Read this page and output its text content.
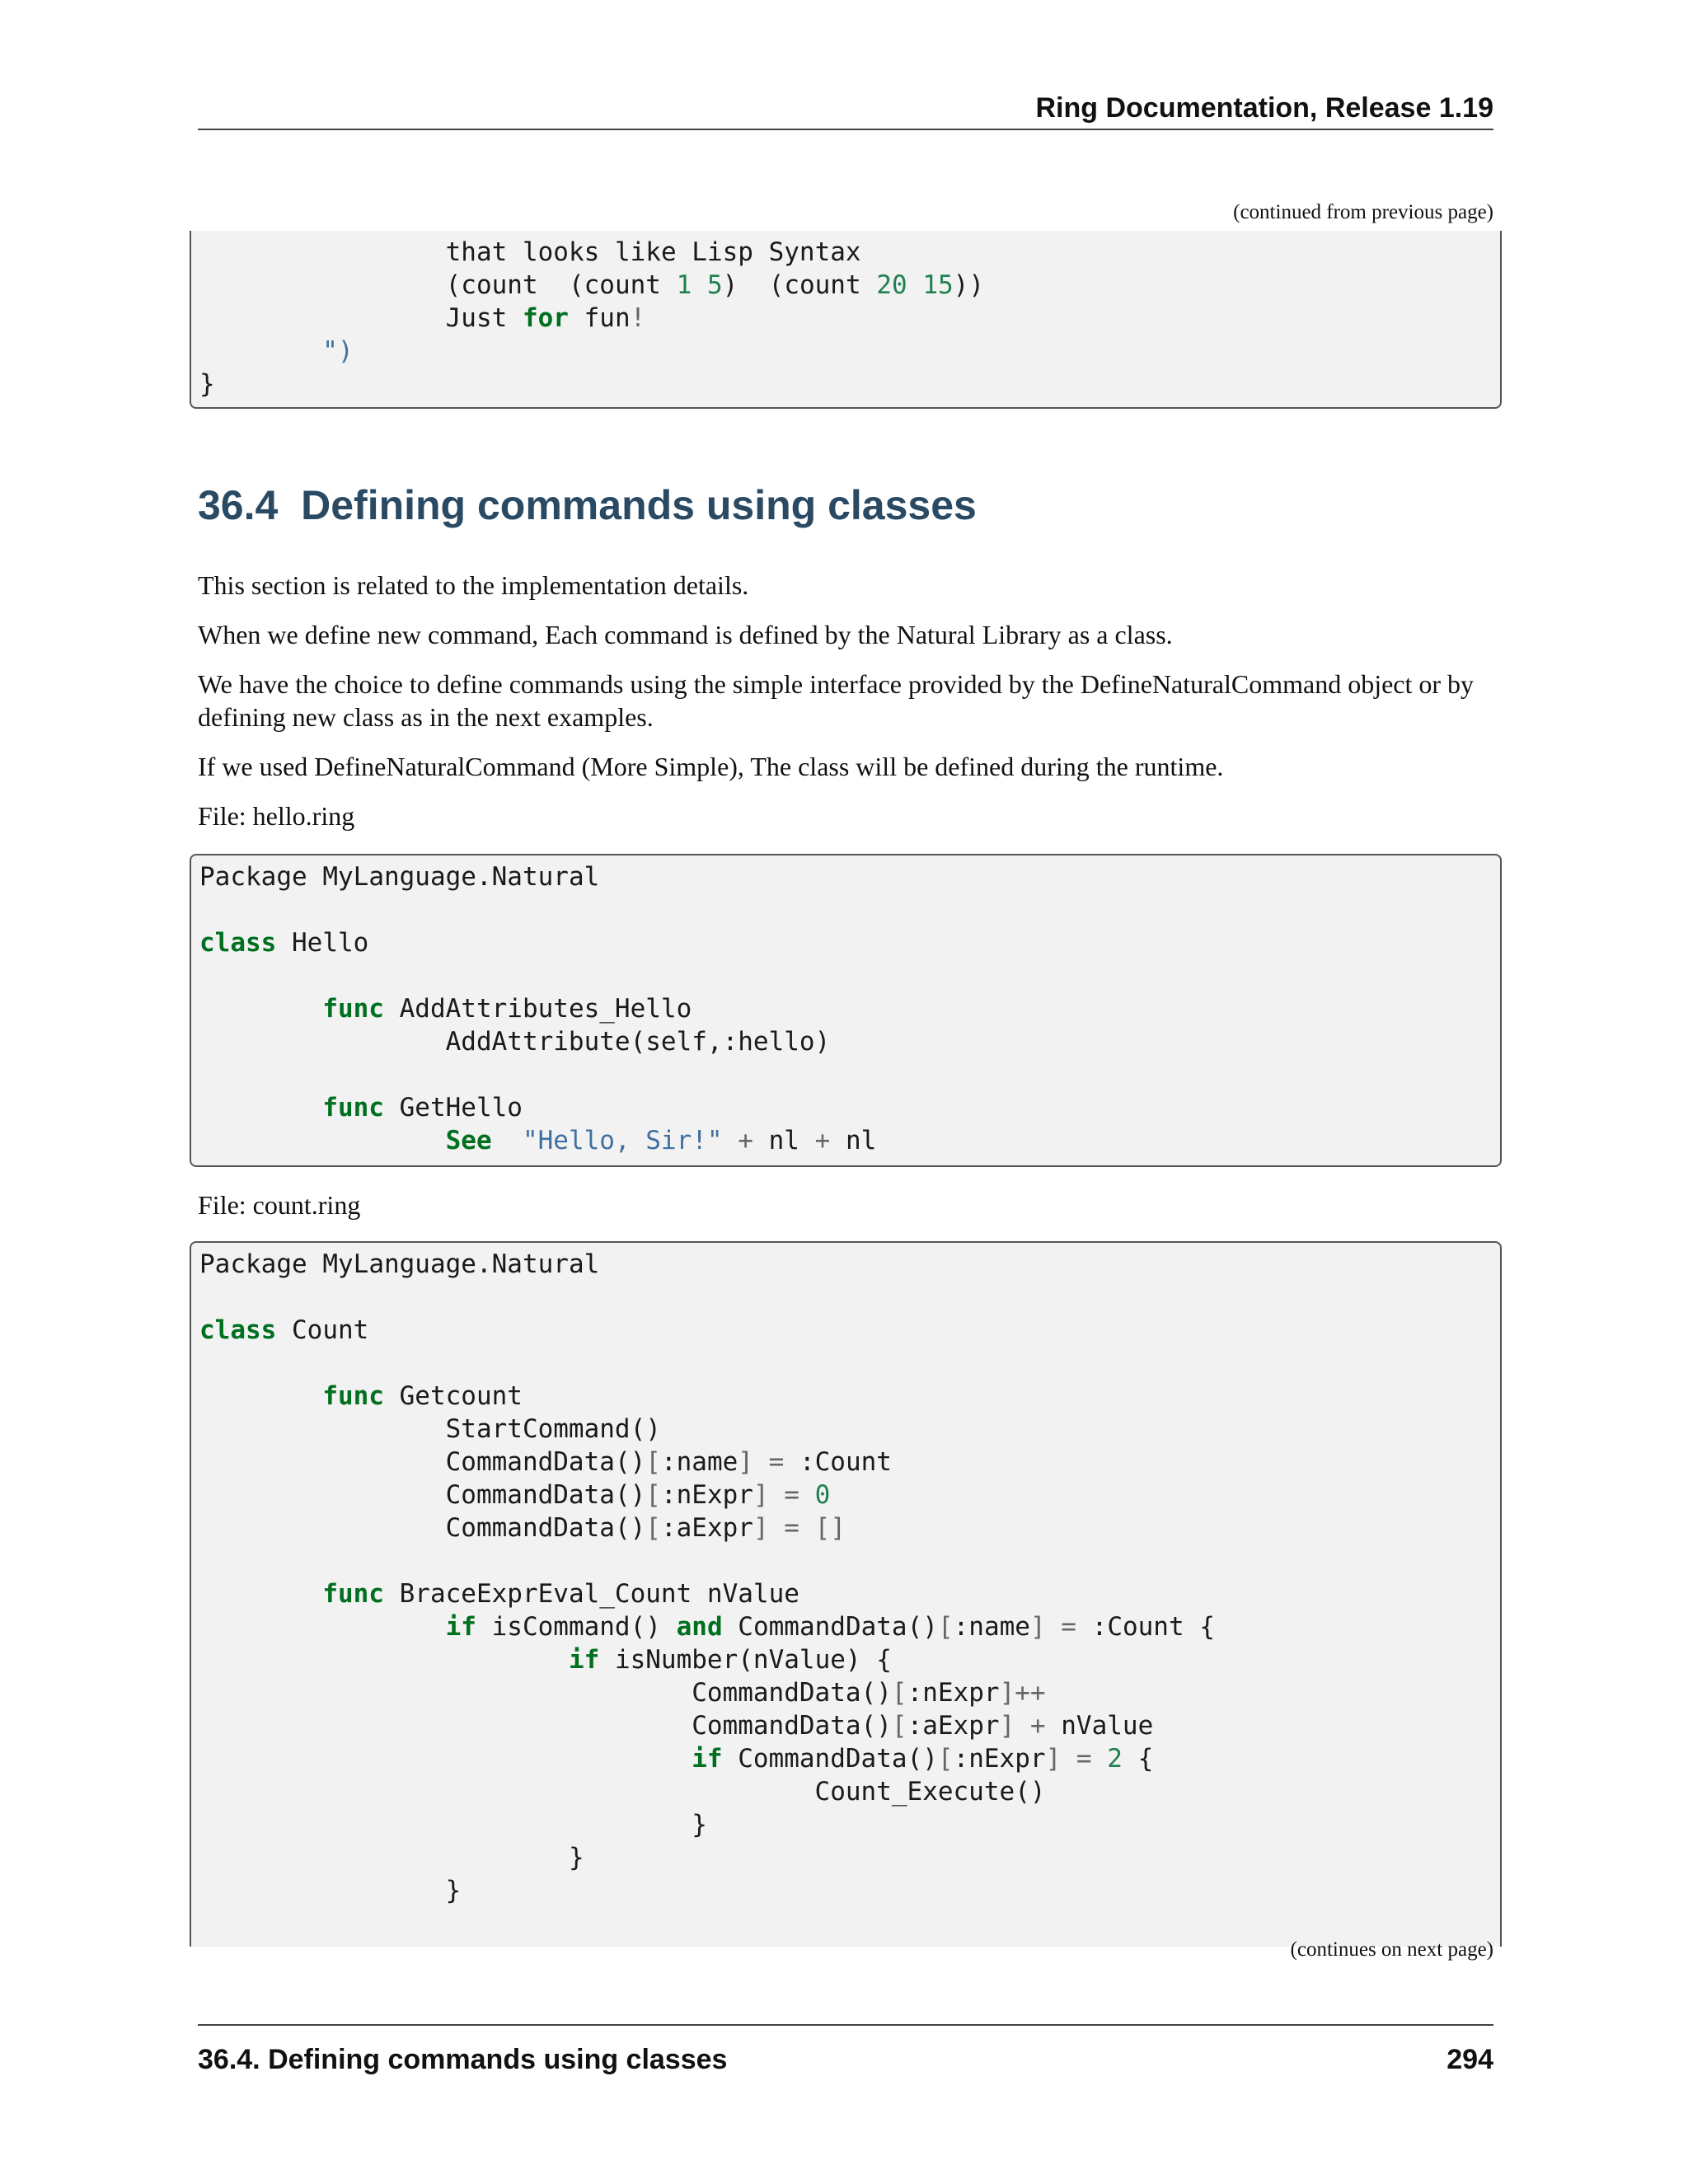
Ring Documentation, Release 1.19
(continued from previous page)
that looks like Lisp Syntax
(count (count 1 5) (count 20 15))
Just for fun!
")
}
36.4 Defining commands using classes
This section is related to the implementation details.
When we define new command, Each command is defined by the Natural Library as a class.
We have the choice to define commands using the simple interface provided by the DefineNaturalCommand object or by defining new class as in the next examples.
If we used DefineNaturalCommand (More Simple), The class will be defined during the runtime.
File: hello.ring
Package MyLanguage.Natural
class Hello
func AddAttributes_Hello
AddAttribute(self,:hello)
func GetHello
See "Hello, Sir!" + nl + nl
File: count.ring
Package MyLanguage.Natural
class Count
func Getcount
StartCommand()
CommandData()[:name] = :Count
CommandData()[:nExpr] = 0
CommandData()[:aExpr] = []
func BraceExprEval_Count nValue
if isCommand() and CommandData()[:name] = :Count {
if isNumber(nValue) {
CommandData()[:nExpr]++
CommandData()[:aExpr] + nValue
if CommandData()[:nExpr] = 2 {
Count_Execute()
}
}
}
(continues on next page)
36.4. Defining commands using classes	294
